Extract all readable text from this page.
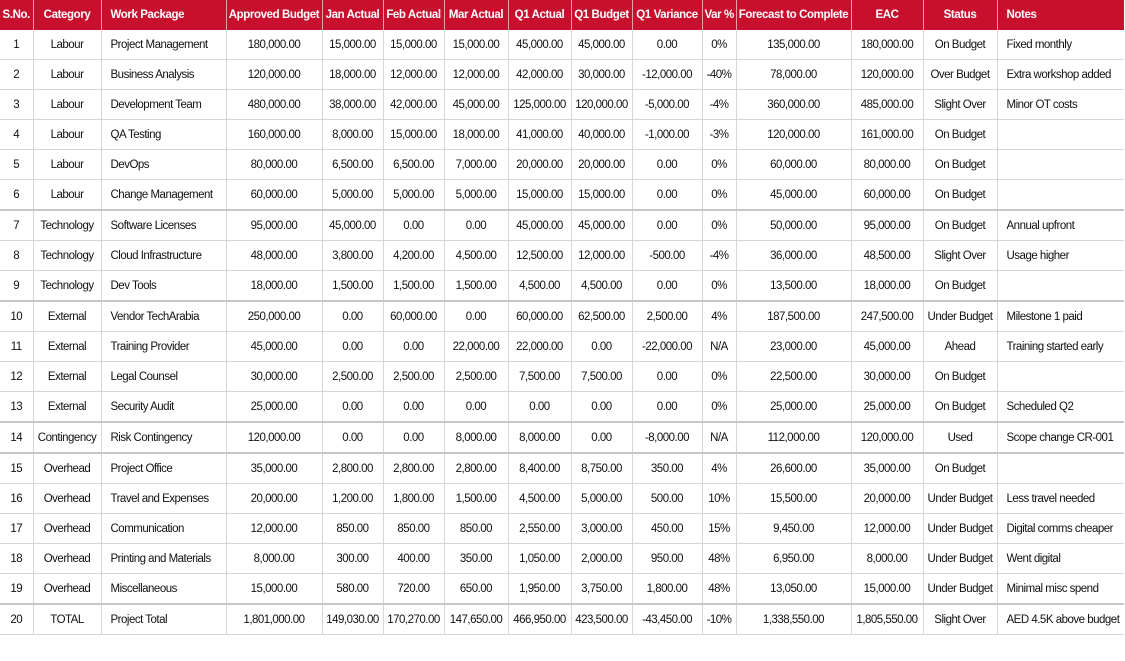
S.No.	Category	Work Package	Approved Budget	Jan Actual	Feb Actual	Mar Actual	Q1 Actual	Q1 Budget	Q1 Variance	Var %	Forecast to Complete	EAC	Status	Notes
1	Labour	Project Management	180,000.00	15,000.00	15,000.00	15,000.00	45,000.00	45,000.00	0.00	0%	135,000.00	180,000.00	On Budget	Fixed monthly
2	Labour	Business Analysis	120,000.00	18,000.00	12,000.00	12,000.00	42,000.00	30,000.00	-12,000.00	-40%	78,000.00	120,000.00	Over Budget	Extra workshop added
3	Labour	Development Team	480,000.00	38,000.00	42,000.00	45,000.00	125,000.00	120,000.00	-5,000.00	-4%	360,000.00	485,000.00	Slight Over	Minor OT costs
4	Labour	QA Testing	160,000.00	8,000.00	15,000.00	18,000.00	41,000.00	40,000.00	-1,000.00	-3%	120,000.00	161,000.00	On Budget	
5	Labour	DevOps	80,000.00	6,500.00	6,500.00	7,000.00	20,000.00	20,000.00	0.00	0%	60,000.00	80,000.00	On Budget	
6	Labour	Change Management	60,000.00	5,000.00	5,000.00	5,000.00	15,000.00	15,000.00	0.00	0%	45,000.00	60,000.00	On Budget	
7	Technology	Software Licenses	95,000.00	45,000.00	0.00	0.00	45,000.00	45,000.00	0.00	0%	50,000.00	95,000.00	On Budget	Annual upfront
8	Technology	Cloud Infrastructure	48,000.00	3,800.00	4,200.00	4,500.00	12,500.00	12,000.00	-500.00	-4%	36,000.00	48,500.00	Slight Over	Usage higher
9	Technology	Dev Tools	18,000.00	1,500.00	1,500.00	1,500.00	4,500.00	4,500.00	0.00	0%	13,500.00	18,000.00	On Budget	
10	External	Vendor TechArabia	250,000.00	0.00	60,000.00	0.00	60,000.00	62,500.00	2,500.00	4%	187,500.00	247,500.00	Under Budget	Milestone 1 paid
11	External	Training Provider	45,000.00	0.00	0.00	22,000.00	22,000.00	0.00	-22,000.00	N/A	23,000.00	45,000.00	Ahead	Training started early
12	External	Legal Counsel	30,000.00	2,500.00	2,500.00	2,500.00	7,500.00	7,500.00	0.00	0%	22,500.00	30,000.00	On Budget	
13	External	Security Audit	25,000.00	0.00	0.00	0.00	0.00	0.00	0.00	0%	25,000.00	25,000.00	On Budget	Scheduled Q2
14	Contingency	Risk Contingency	120,000.00	0.00	0.00	8,000.00	8,000.00	0.00	-8,000.00	N/A	112,000.00	120,000.00	Used	Scope change CR-001
15	Overhead	Project Office	35,000.00	2,800.00	2,800.00	2,800.00	8,400.00	8,750.00	350.00	4%	26,600.00	35,000.00	On Budget	
16	Overhead	Travel and Expenses	20,000.00	1,200.00	1,800.00	1,500.00	4,500.00	5,000.00	500.00	10%	15,500.00	20,000.00	Under Budget	Less travel needed
17	Overhead	Communication	12,000.00	850.00	850.00	850.00	2,550.00	3,000.00	450.00	15%	9,450.00	12,000.00	Under Budget	Digital comms cheaper
18	Overhead	Printing and Materials	8,000.00	300.00	400.00	350.00	1,050.00	2,000.00	950.00	48%	6,950.00	8,000.00	Under Budget	Went digital
19	Overhead	Miscellaneous	15,000.00	580.00	720.00	650.00	1,950.00	3,750.00	1,800.00	48%	13,050.00	15,000.00	Under Budget	Minimal misc spend
20	TOTAL	Project Total	1,801,000.00	149,030.00	170,270.00	147,650.00	466,950.00	423,500.00	-43,450.00	-10%	1,338,550.00	1,805,550.00	Slight Over	AED 4.5K above budget
